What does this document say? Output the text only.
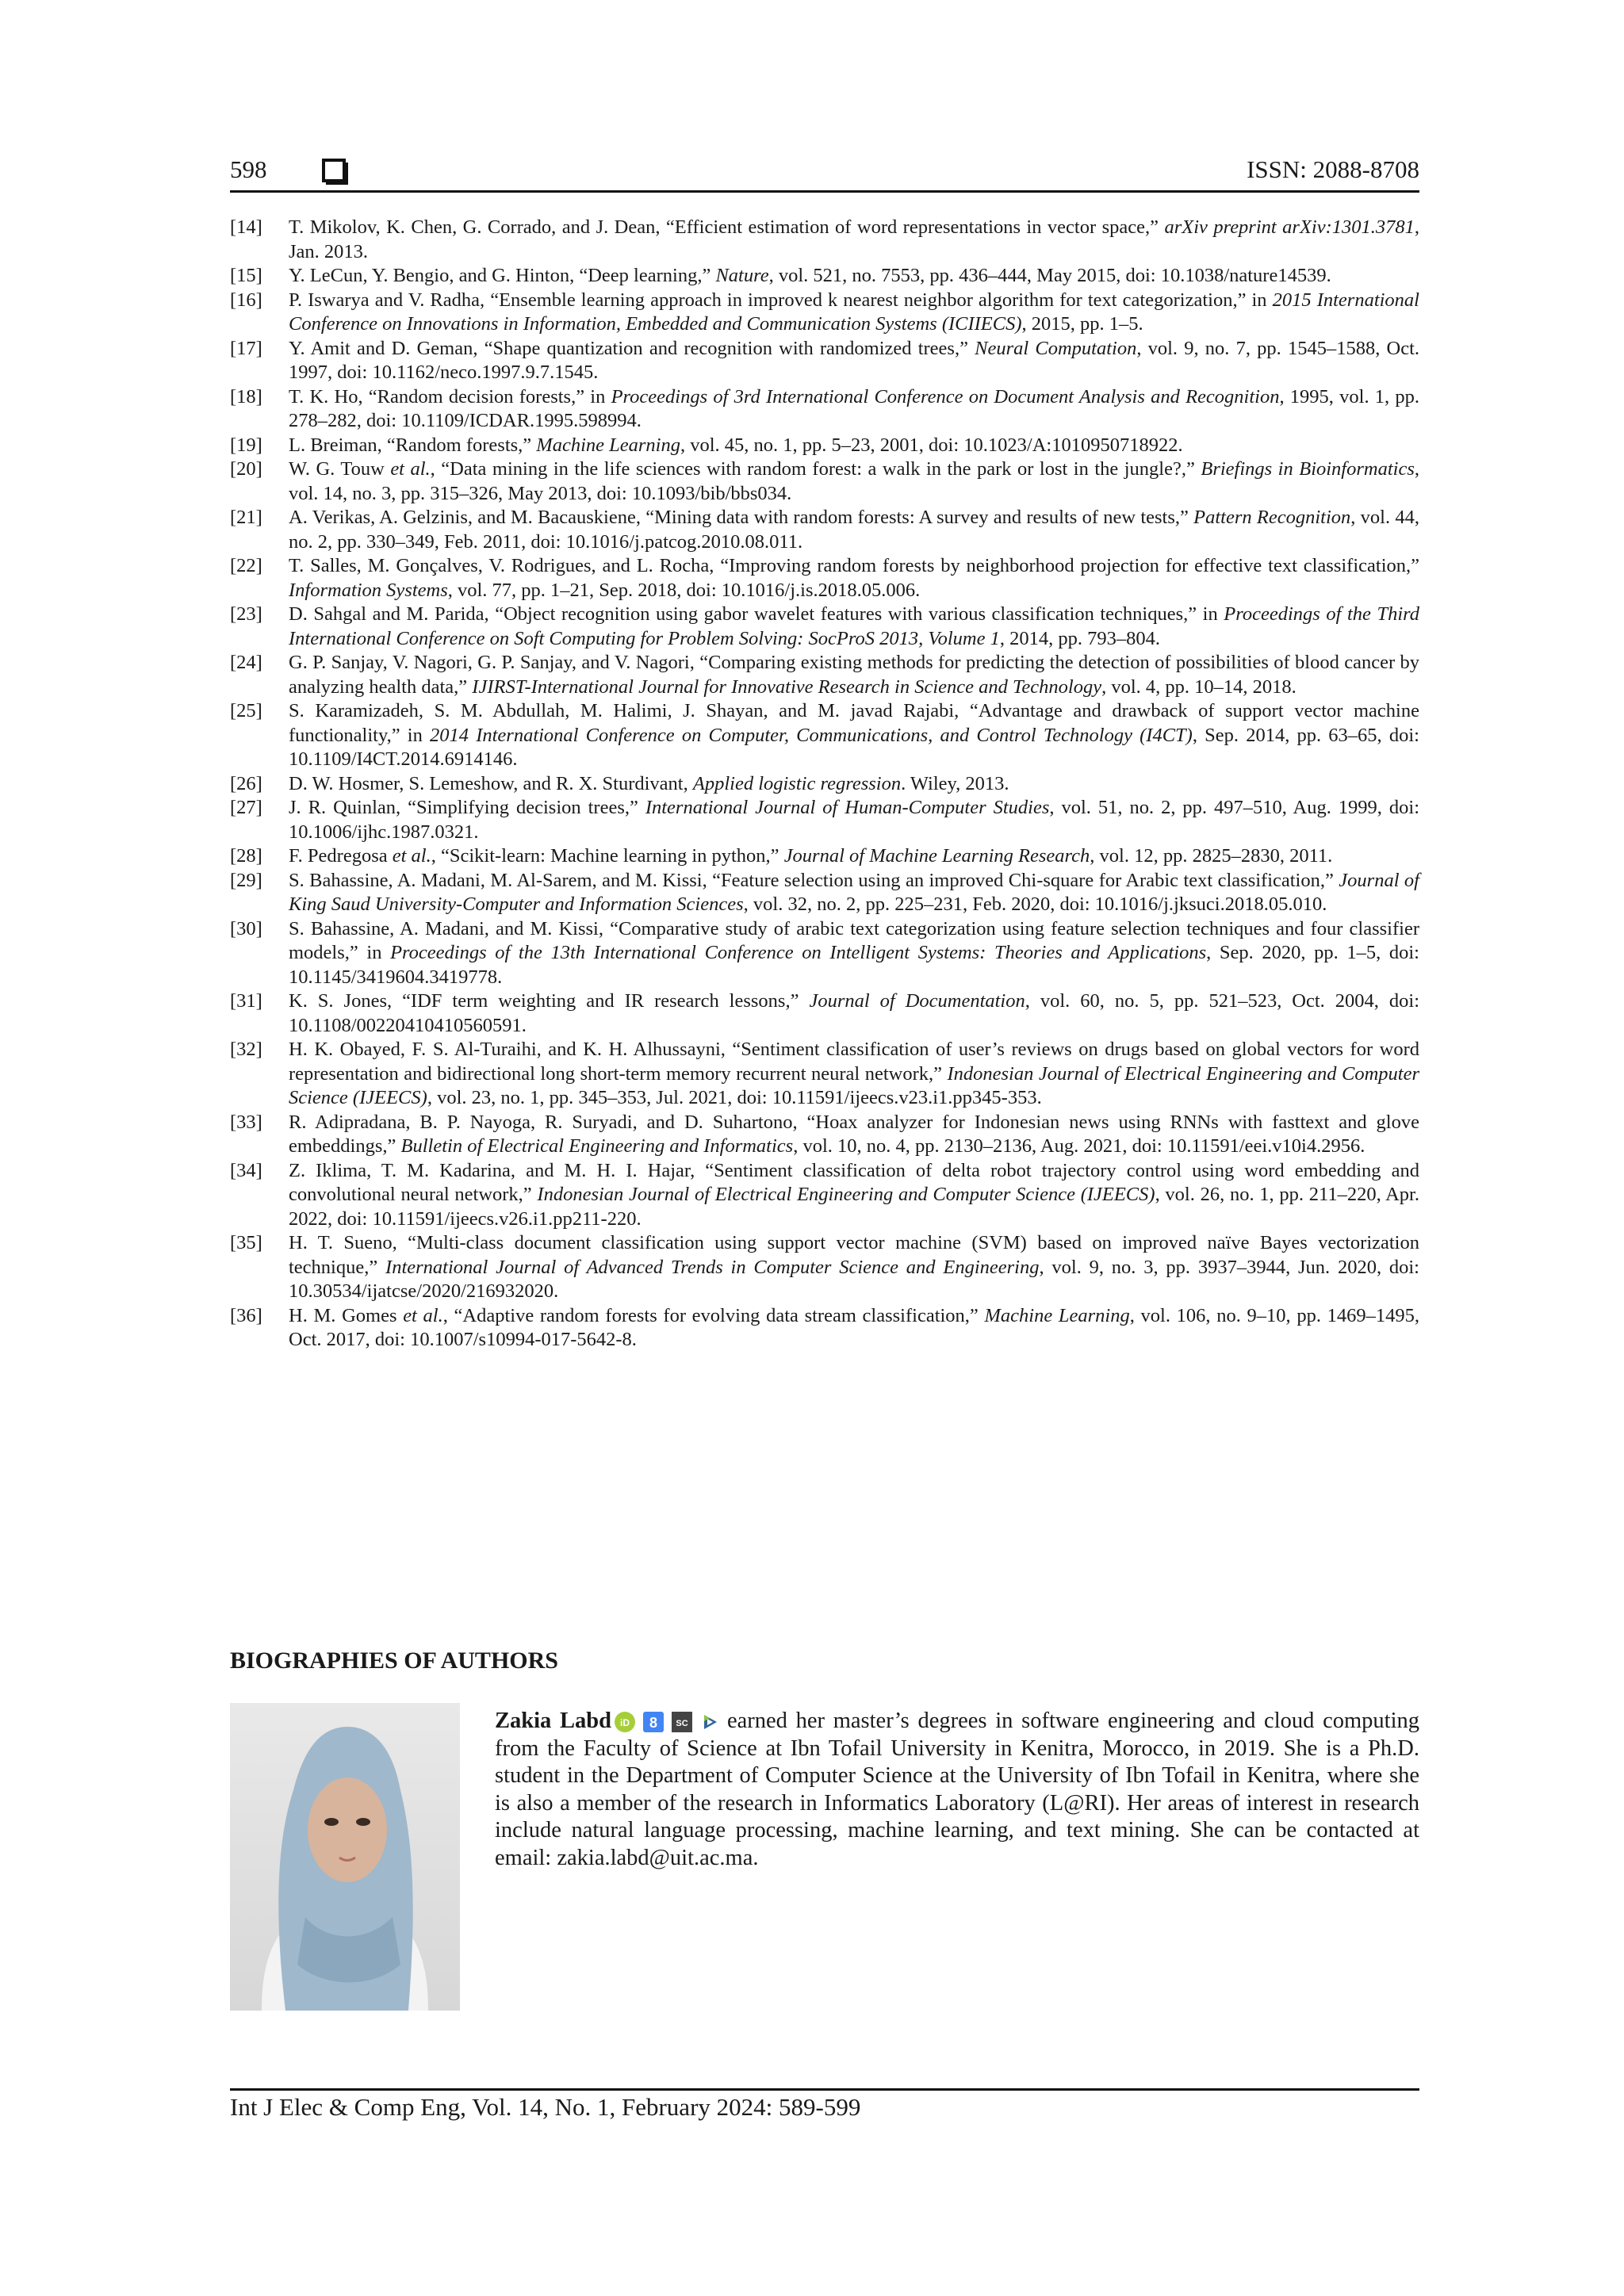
598	ISSN: 2088-8708
[14]	T. Mikolov, K. Chen, G. Corrado, and J. Dean, “Efficient estimation of word representations in vector space,” arXiv preprint arXiv:1301.3781, Jan. 2013.
[15]	Y. LeCun, Y. Bengio, and G. Hinton, “Deep learning,” Nature, vol. 521, no. 7553, pp. 436–444, May 2015, doi: 10.1038/nature14539.
[16]	P. Iswarya and V. Radha, “Ensemble learning approach in improved k nearest neighbor algorithm for text categorization,” in 2015 International Conference on Innovations in Information, Embedded and Communication Systems (ICIIECS), 2015, pp. 1–5.
[17]	Y. Amit and D. Geman, “Shape quantization and recognition with randomized trees,” Neural Computation, vol. 9, no. 7, pp. 1545–1588, Oct. 1997, doi: 10.1162/neco.1997.9.7.1545.
[18]	T. K. Ho, “Random decision forests,” in Proceedings of 3rd International Conference on Document Analysis and Recognition, 1995, vol. 1, pp. 278–282, doi: 10.1109/ICDAR.1995.598994.
[19]	L. Breiman, “Random forests,” Machine Learning, vol. 45, no. 1, pp. 5–23, 2001, doi: 10.1023/A:1010950718922.
[20]	W. G. Touw et al., “Data mining in the life sciences with random forest: a walk in the park or lost in the jungle?,” Briefings in Bioinformatics, vol. 14, no. 3, pp. 315–326, May 2013, doi: 10.1093/bib/bbs034.
[21]	A. Verikas, A. Gelzinis, and M. Bacauskiene, “Mining data with random forests: A survey and results of new tests,” Pattern Recognition, vol. 44, no. 2, pp. 330–349, Feb. 2011, doi: 10.1016/j.patcog.2010.08.011.
[22]	T. Salles, M. Gonçalves, V. Rodrigues, and L. Rocha, “Improving random forests by neighborhood projection for effective text classification,” Information Systems, vol. 77, pp. 1–21, Sep. 2018, doi: 10.1016/j.is.2018.05.006.
[23]	D. Sahgal and M. Parida, “Object recognition using gabor wavelet features with various classification techniques,” in Proceedings of the Third International Conference on Soft Computing for Problem Solving: SocProS 2013, Volume 1, 2014, pp. 793–804.
[24]	G. P. Sanjay, V. Nagori, G. P. Sanjay, and V. Nagori, “Comparing existing methods for predicting the detection of possibilities of blood cancer by analyzing health data,” IJIRST-International Journal for Innovative Research in Science and Technology, vol. 4, pp. 10–14, 2018.
[25]	S. Karamizadeh, S. M. Abdullah, M. Halimi, J. Shayan, and M. javad Rajabi, “Advantage and drawback of support vector machine functionality,” in 2014 International Conference on Computer, Communications, and Control Technology (I4CT), Sep. 2014, pp. 63–65, doi: 10.1109/I4CT.2014.6914146.
[26]	D. W. Hosmer, S. Lemeshow, and R. X. Sturdivant, Applied logistic regression. Wiley, 2013.
[27]	J. R. Quinlan, “Simplifying decision trees,” International Journal of Human-Computer Studies, vol. 51, no. 2, pp. 497–510, Aug. 1999, doi: 10.1006/ijhc.1987.0321.
[28]	F. Pedregosa et al., “Scikit-learn: Machine learning in python,” Journal of Machine Learning Research, vol. 12, pp. 2825–2830, 2011.
[29]	S. Bahassine, A. Madani, M. Al-Sarem, and M. Kissi, “Feature selection using an improved Chi-square for Arabic text classification,” Journal of King Saud University-Computer and Information Sciences, vol. 32, no. 2, pp. 225–231, Feb. 2020, doi: 10.1016/j.jksuci.2018.05.010.
[30]	S. Bahassine, A. Madani, and M. Kissi, “Comparative study of arabic text categorization using feature selection techniques and four classifier models,” in Proceedings of the 13th International Conference on Intelligent Systems: Theories and Applications, Sep. 2020, pp. 1–5, doi: 10.1145/3419604.3419778.
[31]	K. S. Jones, “IDF term weighting and IR research lessons,” Journal of Documentation, vol. 60, no. 5, pp. 521–523, Oct. 2004, doi: 10.1108/00220410410560591.
[32]	H. K. Obayed, F. S. Al-Turaihi, and K. H. Alhussayni, “Sentiment classification of user’s reviews on drugs based on global vectors for word representation and bidirectional long short-term memory recurrent neural network,” Indonesian Journal of Electrical Engineering and Computer Science (IJEECS), vol. 23, no. 1, pp. 345–353, Jul. 2021, doi: 10.11591/ijeecs.v23.i1.pp345-353.
[33]	R. Adipradana, B. P. Nayoga, R. Suryadi, and D. Suhartono, “Hoax analyzer for Indonesian news using RNNs with fasttext and glove embeddings,” Bulletin of Electrical Engineering and Informatics, vol. 10, no. 4, pp. 2130–2136, Aug. 2021, doi: 10.11591/eei.v10i4.2956.
[34]	Z. Iklima, T. M. Kadarina, and M. H. I. Hajar, “Sentiment classification of delta robot trajectory control using word embedding and convolutional neural network,” Indonesian Journal of Electrical Engineering and Computer Science (IJEECS), vol. 26, no. 1, pp. 211–220, Apr. 2022, doi: 10.11591/ijeecs.v26.i1.pp211-220.
[35]	H. T. Sueno, “Multi-class document classification using support vector machine (SVM) based on improved naïve Bayes vectorization technique,” International Journal of Advanced Trends in Computer Science and Engineering, vol. 9, no. 3, pp. 3937–3944, Jun. 2020, doi: 10.30534/ijatcse/2020/216932020.
[36]	H. M. Gomes et al., “Adaptive random forests for evolving data stream classification,” Machine Learning, vol. 106, no. 9–10, pp. 1469–1495, Oct. 2017, doi: 10.1007/s10994-017-5642-8.
BIOGRAPHIES OF AUTHORS
Zakia Labd iD 8 SC earned her master’s degrees in software engineering and cloud computing from the Faculty of Science at Ibn Tofail University in Kenitra, Morocco, in 2019. She is a Ph.D. student in the Department of Computer Science at the University of Ibn Tofail in Kenitra, where she is also a member of the research in Informatics Laboratory (L@RI). Her areas of interest in research include natural language processing, machine learning, and text mining. She can be contacted at email: zakia.labd@uit.ac.ma.
Int J Elec & Comp Eng, Vol. 14, No. 1, February 2024: 589-599
